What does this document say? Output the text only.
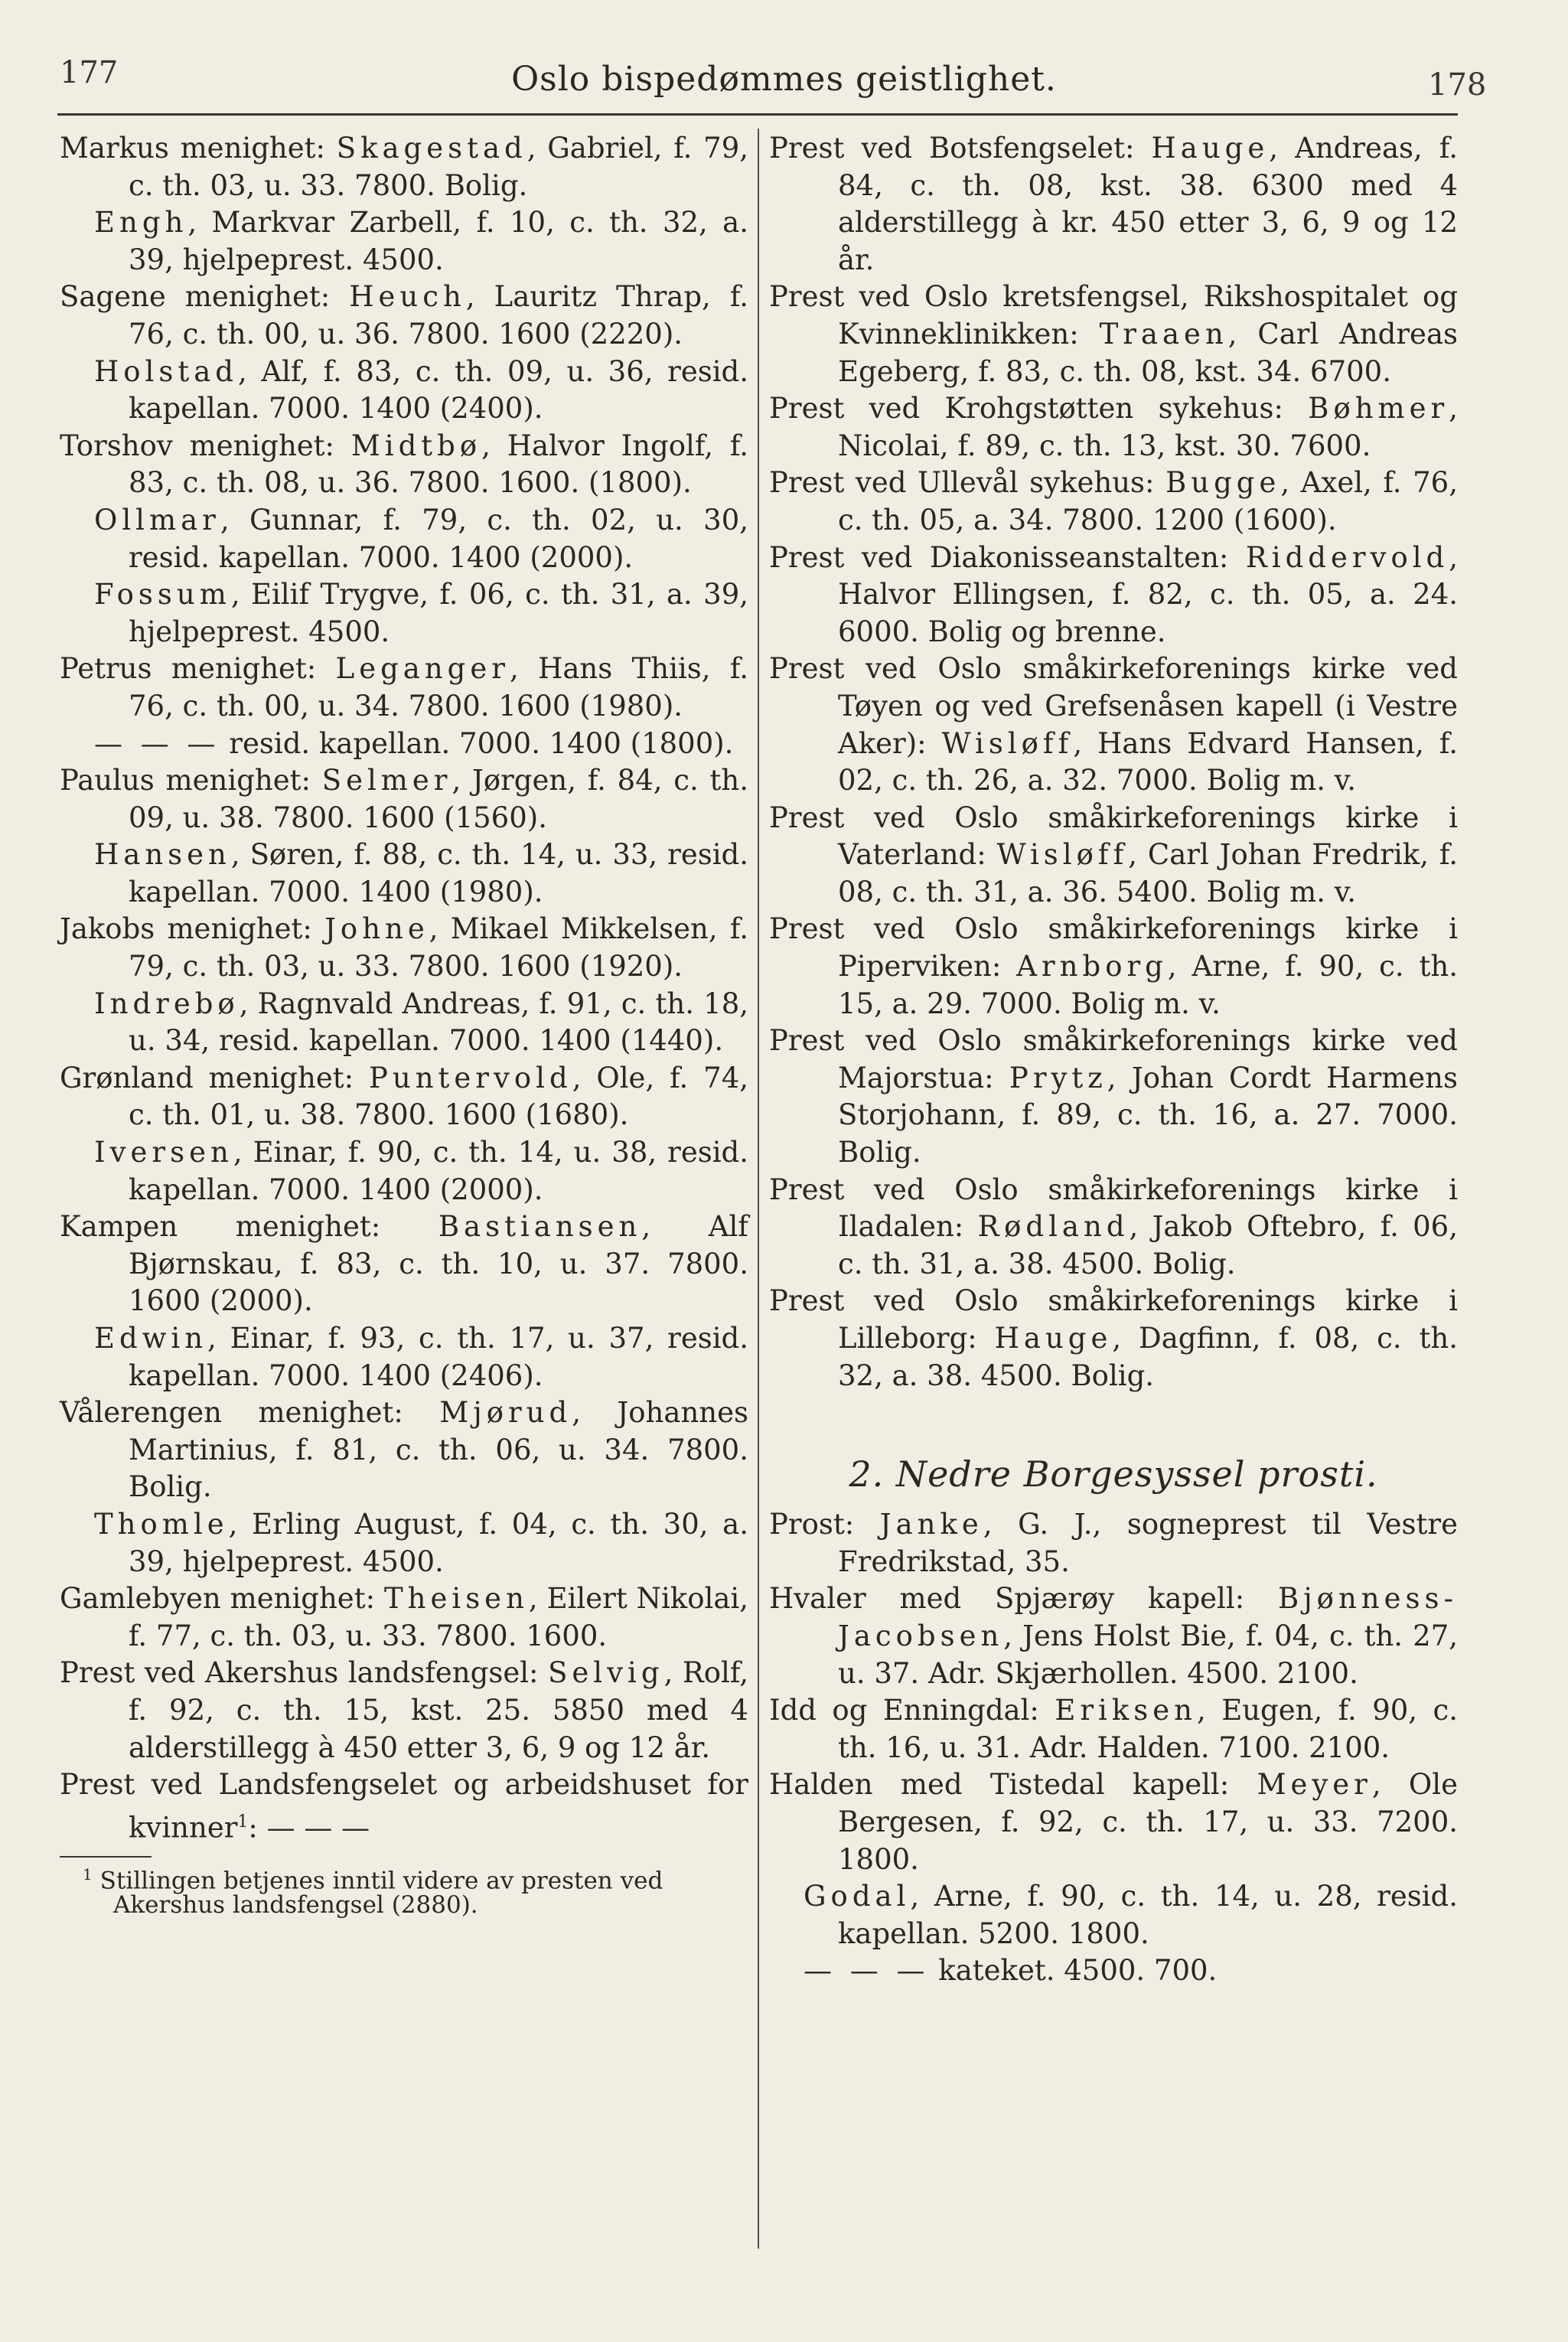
177	Oslo bispedømmes geistlighet.	178

Markus menighet: Skagestad, Gabriel, f. 79, c. th. 03, u. 33. 7800. Bolig.

Engh, Markvar Zarbell, f. 10, c. th. 32, a. 39, hjelpeprest. 4500.

Sagene menighet: Heuch, Lauritz Thrap, f. 76, c. th. 00, u. 36. 7800. 1600 (2220).

Holstad, Alf, f. 83, c. th. 09, u. 36, resid. kapellan. 7000. 1400 (2400).

Torshov menighet: Midtbø, Halvor Ingolf, f. 83, c. th. 08, u. 36. 7800. 1600. (1800).

Ollmar, Gunnar, f. 79, c. th. 02, u. 30, resid. kapellan. 7000. 1400 (2000).

Fossum, Eilif Trygve, f. 06, c. th. 31, a. 39, hjelpeprest. 4500.

Petrus menighet: Leganger, Hans Thiis, f. 76, c. th. 00, u. 34. 7800. 1600 (1980).

— — — resid. kapellan. 7000. 1400 (1800).

Paulus menighet: Selmer, Jørgen, f. 84, c. th. 09, u. 38. 7800. 1600 (1560).

Hansen, Søren, f. 88, c. th. 14, u. 33, resid. kapellan. 7000. 1400 (1980).

Jakobs menighet: Johne, Mikael Mikkelsen, f. 79, c. th. 03, u. 33. 7800. 1600 (1920).

Indrebø, Ragnvald Andreas, f. 91, c. th. 18, u. 34, resid. kapellan. 7000. 1400 (1440).

Grønland menighet: Puntervold, Ole, f. 74, c. th. 01, u. 38. 7800. 1600 (1680).

Iversen, Einar, f. 90, c. th. 14, u. 38, resid. kapellan. 7000. 1400 (2000).

Kampen menighet: Bastiansen, Alf Bjørnskau, f. 83, c. th. 10, u. 37. 7800. 1600 (2000).

Edwin, Einar, f. 93, c. th. 17, u. 37, resid. kapellan. 7000. 1400 (2406).

Vålerengen menighet: Mjørud, Johannes Martinius, f. 81, c. th. 06, u. 34. 7800. Bolig.

Thomle, Erling August, f. 04, c. th. 30, a. 39, hjelpeprest. 4500.

Gamlebyen menighet: Theisen, Eilert Nikolai, f. 77, c. th. 03, u. 33. 7800. 1600.

Prest ved Akershus landsfengsel: Selvig, Rolf, f. 92, c. th. 15, kst. 25. 5850 med 4 alderstillegg à 450 etter 3, 6, 9 og 12 år.

Prest ved Landsfengselet og arbeidshuset for kvinner$^1$: — — —

$^1$ Stillingen betjenes inntil videre av presten ved Akershus landsfengsel (2880).

Prest ved Botsfengselet: Hauge, Andreas, f. 84, c. th. 08, kst. 38. 6300 med 4 alderstillegg à kr. 450 etter 3, 6, 9 og 12 år.

Prest ved Oslo kretsfengsel, Rikshospitalet og Kvinneklinikken: Traaen, Carl Andreas Egeberg, f. 83, c. th. 08, kst. 34. 6700.

Prest ved Krohgstøtten sykehus: Bøhmer, Nicolai, f. 89, c. th. 13, kst. 30. 7600.

Prest ved Ullevål sykehus: Bugge, Axel, f. 76, c. th. 05, a. 34. 7800. 1200 (1600).

Prest ved Diakonisseanstalten: Riddervold, Halvor Ellingsen, f. 82, c. th. 05, a. 24. 6000. Bolig og brenne.

Prest ved Oslo småkirkeforenings kirke ved Tøyen og ved Grefsenåsen kapell (i Vestre Aker): Wisløff, Hans Edvard Hansen, f. 02, c. th. 26, a. 32. 7000. Bolig m. v.

Prest ved Oslo småkirkeforenings kirke i Vaterland: Wisløff, Carl Johan Fredrik, f. 08, c. th. 31, a. 36. 5400. Bolig m. v.

Prest ved Oslo småkirkeforenings kirke i Piperviken: Arnborg, Arne, f. 90, c. th. 15, a. 29. 7000. Bolig m. v.

Prest ved Oslo småkirkeforenings kirke ved Majorstua: Prytz, Johan Cordt Harmens Storjohann, f. 89, c. th. 16, a. 27. 7000. Bolig.

Prest ved Oslo småkirkeforenings kirke i Iladalen: Rødland, Jakob Oftebro, f. 06, c. th. 31, a. 38. 4500. Bolig.

Prest ved Oslo småkirkeforenings kirke i Lilleborg: Hauge, Dagfinn, f. 08, c. th. 32, a. 38. 4500. Bolig.

2. Nedre Borgesyssel prosti.

Prost: Janke, G. J., sogneprest til Vestre Fredrikstad, 35.

Hvaler med Spjærøy kapell: Bjønness-Jacobsen, Jens Holst Bie, f. 04, c. th. 27, u. 37. Adr. Skjærhollen. 4500. 2100.

Idd og Enningdal: Eriksen, Eugen, f. 90, c. th. 16, u. 31. Adr. Halden. 7100. 2100.

Halden med Tistedal kapell: Meyer, Ole Bergesen, f. 92, c. th. 17, u. 33. 7200. 1800.

Godal, Arne, f. 90, c. th. 14, u. 28, resid. kapellan. 5200. 1800.

— — — kateket. 4500. 700.
